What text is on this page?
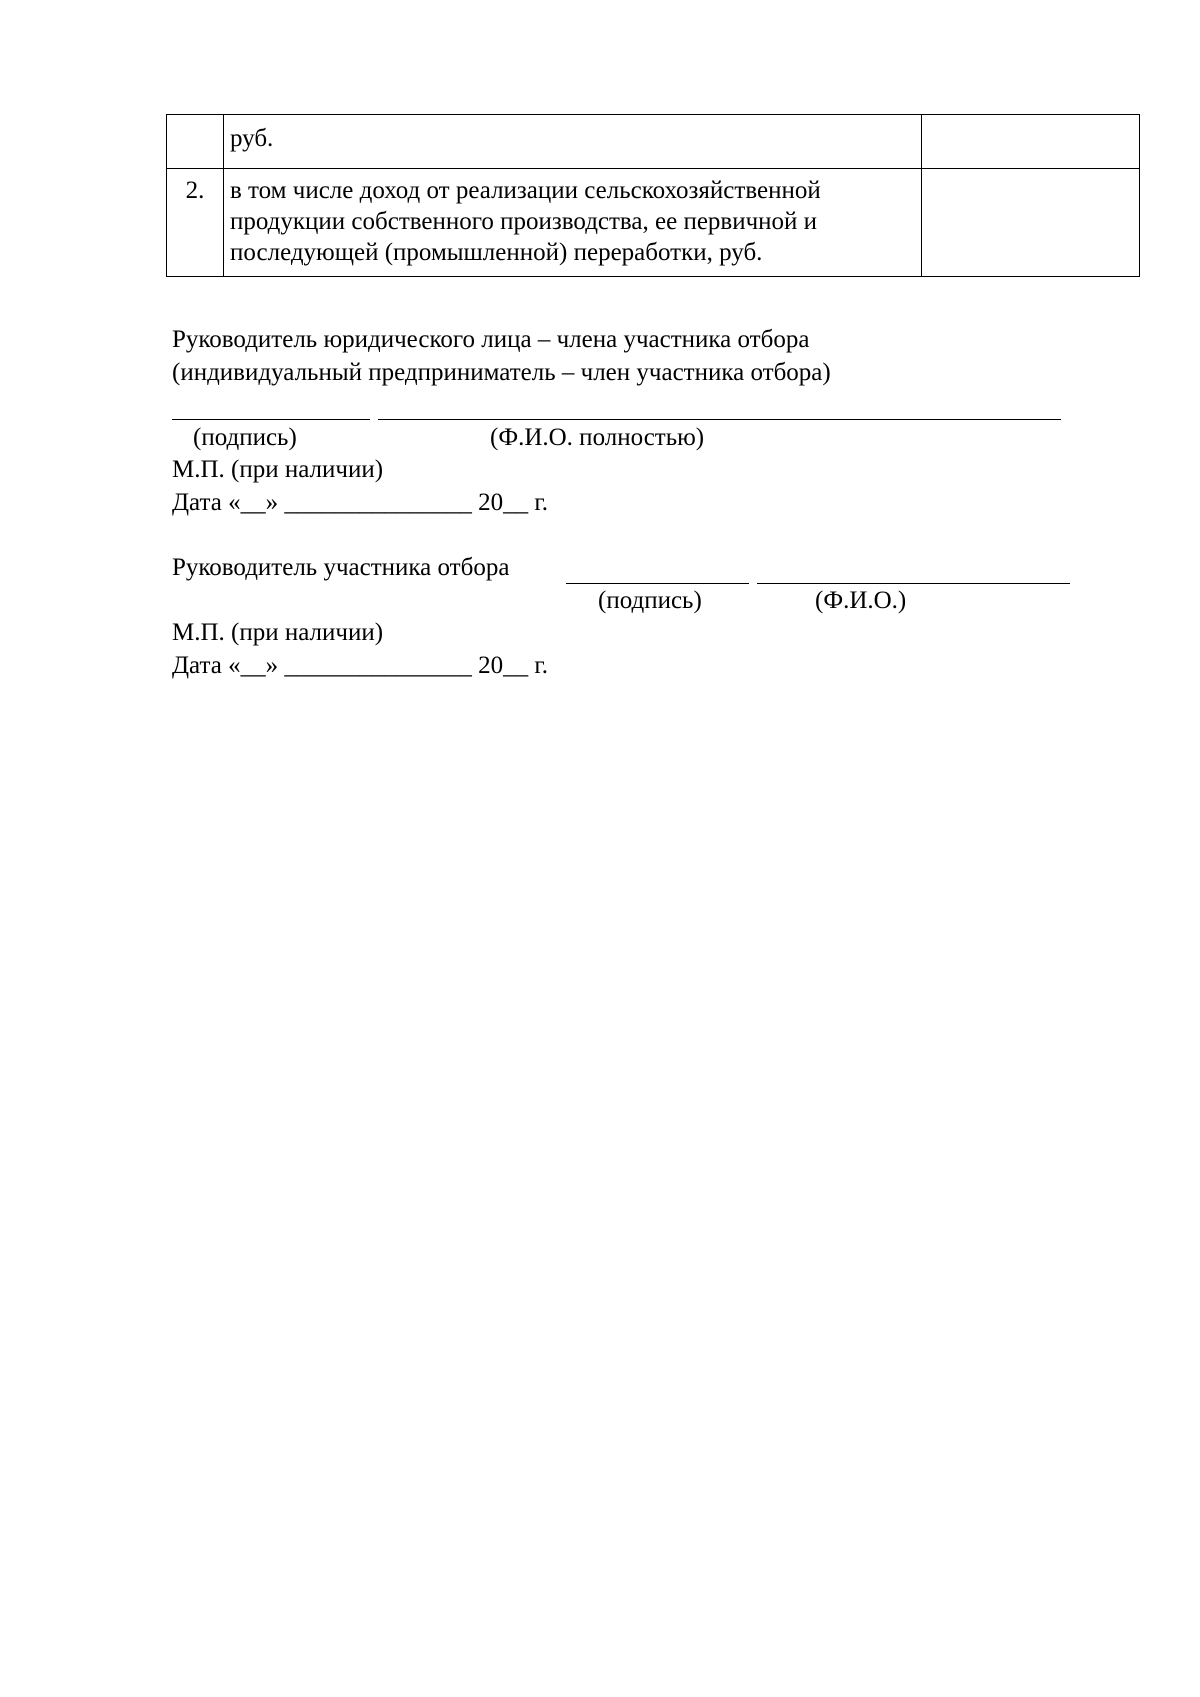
	руб.	
2.	в том числе доход от реализации сельскохозяйственной продукции собственного производства, ее первичной и последующей (промышленной) переработки, руб.	
Руководитель юридического лица – члена участника отбора
(индивидуальный предприниматель – член участника отбора)
(подпись)	(Ф.И.О. полностью)
М.П. (при наличии)
Дата «__» _______________ 20__ г.
Руководитель участника отбора
(подпись)	(Ф.И.О.)
М.П. (при наличии)
Дата «__» _______________ 20__ г.
